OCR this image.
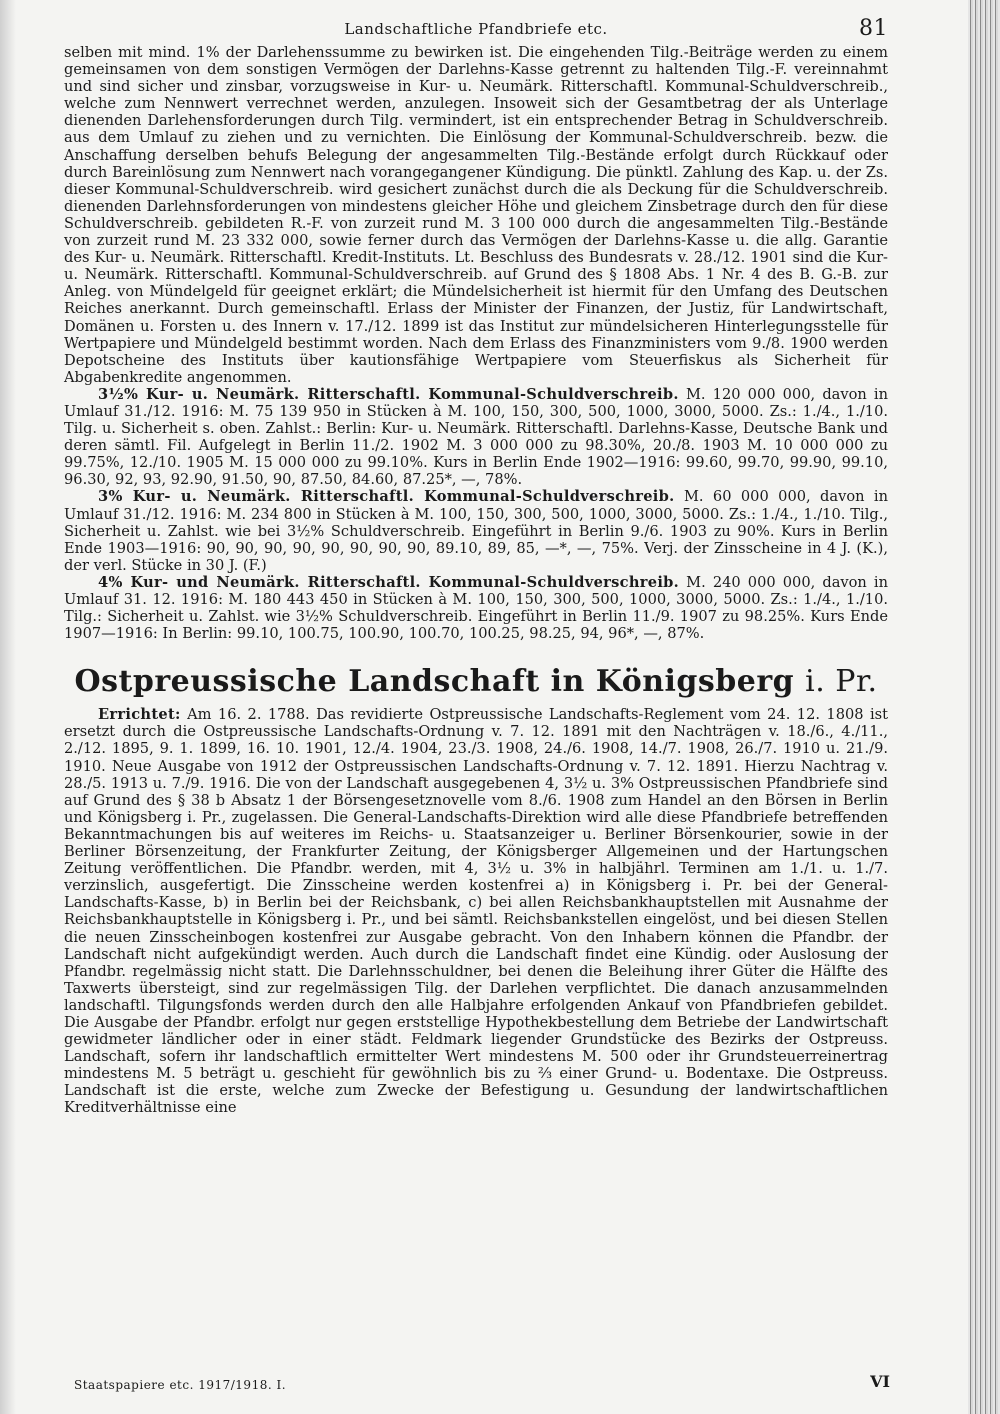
Landschaftliche Pfandbriefe etc.	81

selben mit mind. 1% der Darlehenssumme zu bewirken ist. Die eingehenden Tilg.-Beiträge werden zu einem gemeinsamen von dem sonstigen Vermögen der Darlehns-Kasse getrennt zu haltenden Tilg.-F. vereinnahmt und sind sicher und zinsbar, vorzugsweise in Kur- u. Neumärk. Ritterschaftl. Kommunal-Schuldverschreib., welche zum Nennwert verrechnet werden, anzulegen. Insoweit sich der Gesamtbetrag der als Unterlage dienenden Darlehensforderungen durch Tilg. vermindert, ist ein entsprechender Betrag in Schuldverschreib. aus dem Umlauf zu ziehen und zu vernichten. Die Einlösung der Kommunal-Schuldverschreib. bezw. die Anschaffung derselben behufs Belegung der angesammelten Tilg.-Bestände erfolgt durch Rückkauf oder durch Bareinlösung zum Nennwert nach vorangegangener Kündigung. Die pünktl. Zahlung des Kap. u. der Zs. dieser Kommunal-Schuldverschreib. wird gesichert zunächst durch die als Deckung für die Schuldverschreib. dienenden Darlehnsforderungen von mindestens gleicher Höhe und gleichem Zinsbetrage durch den für diese Schuldverschreib. gebildeten R.-F. von zurzeit rund M. 3 100 000 durch die angesammelten Tilg.-Bestände von zurzeit rund M. 23 332 000, sowie ferner durch das Vermögen der Darlehns-Kasse u. die allg. Garantie des Kur- u. Neumärk. Ritterschaftl. Kredit-Instituts. Lt. Beschluss des Bundesrats v. 28./12. 1901 sind die Kur- u. Neumärk. Ritterschaftl. Kommunal-Schuldverschreib. auf Grund des § 1808 Abs. 1 Nr. 4 des B. G.-B. zur Anleg. von Mündelgeld für geeignet erklärt; die Mündelsicherheit ist hiermit für den Umfang des Deutschen Reiches anerkannt. Durch gemeinschaftl. Erlass der Minister der Finanzen, der Justiz, für Landwirtschaft, Domänen u. Forsten u. des Innern v. 17./12. 1899 ist das Institut zur mündelsicheren Hinterlegungsstelle für Wertpapiere und Mündelgeld bestimmt worden. Nach dem Erlass des Finanzministers vom 9./8. 1900 werden Depotscheine des Instituts über kautionsfähige Wertpapiere vom Steuerfiskus als Sicherheit für Abgabenkredite angenommen.

3½% Kur- u. Neumärk. Ritterschaftl. Kommunal-Schuldverschreib. M. 120 000 000, davon in Umlauf 31./12. 1916: M. 75 139 950 in Stücken à M. 100, 150, 300, 500, 1000, 3000, 5000. Zs.: 1./4., 1./10. Tilg. u. Sicherheit s. oben. Zahlst.: Berlin: Kur- u. Neumärk. Ritterschaftl. Darlehns-Kasse, Deutsche Bank und deren sämtl. Fil. Aufgelegt in Berlin 11./2. 1902 M. 3 000 000 zu 98.30%, 20./8. 1903 M. 10 000 000 zu 99.75%, 12./10. 1905 M. 15 000 000 zu 99.10%. Kurs in Berlin Ende 1902—1916: 99.60, 99.70, 99.90, 99.10, 96.30, 92, 93, 92.90, 91.50, 90, 87.50, 84.60, 87.25*, —, 78%.

3% Kur- u. Neumärk. Ritterschaftl. Kommunal-Schuldverschreib. M. 60 000 000, davon in Umlauf 31./12. 1916: M. 234 800 in Stücken à M. 100, 150, 300, 500, 1000, 3000, 5000. Zs.: 1./4., 1./10. Tilg., Sicherheit u. Zahlst. wie bei 3½% Schuldverschreib. Eingeführt in Berlin 9./6. 1903 zu 90%. Kurs in Berlin Ende 1903—1916: 90, 90, 90, 90, 90, 90, 90, 90, 89.10, 89, 85, —*, —, 75%. Verj. der Zinsscheine in 4 J. (K.), der verl. Stücke in 30 J. (F.)

4% Kur- und Neumärk. Ritterschaftl. Kommunal-Schuldverschreib. M. 240 000 000, davon in Umlauf 31. 12. 1916: M. 180 443 450 in Stücken à M. 100, 150, 300, 500, 1000, 3000, 5000. Zs.: 1./4., 1./10. Tilg.: Sicherheit u. Zahlst. wie 3½% Schuldverschreib. Eingeführt in Berlin 11./9. 1907 zu 98.25%. Kurs Ende 1907—1916: In Berlin: 99.10, 100.75, 100.90, 100.70, 100.25, 98.25, 94, 96*, —, 87%.

Ostpreussische Landschaft in Königsberg i. Pr.

Errichtet: Am 16. 2. 1788. Das revidierte Ostpreussische Landschafts-Reglement vom 24. 12. 1808 ist ersetzt durch die Ostpreussische Landschafts-Ordnung v. 7. 12. 1891 mit den Nachträgen v. 18./6., 4./11., 2./12. 1895, 9. 1. 1899, 16. 10. 1901, 12./4. 1904, 23./3. 1908, 24./6. 1908, 14./7. 1908, 26./7. 1910 u. 21./9. 1910. Neue Ausgabe von 1912 der Ostpreussischen Landschafts-Ordnung v. 7. 12. 1891. Hierzu Nachtrag v. 28./5. 1913 u. 7./9. 1916. Die von der Landschaft ausgegebenen 4, 3½ u. 3% Ostpreussischen Pfandbriefe sind auf Grund des § 38 b Absatz 1 der Börsengesetznovelle vom 8./6. 1908 zum Handel an den Börsen in Berlin und Königsberg i. Pr., zugelassen. Die General-Landschafts-Direktion wird alle diese Pfandbriefe betreffenden Bekanntmachungen bis auf weiteres im Reichs- u. Staatsanzeiger u. Berliner Börsenkourier, sowie in der Berliner Börsenzeitung, der Frankfurter Zeitung, der Königsberger Allgemeinen und der Hartungschen Zeitung veröffentlichen. Die Pfandbr. werden, mit 4, 3½ u. 3% in halbjährl. Terminen am 1./1. u. 1./7. verzinslich, ausgefertigt. Die Zinsscheine werden kostenfrei a) in Königsberg i. Pr. bei der General-Landschafts-Kasse, b) in Berlin bei der Reichsbank, c) bei allen Reichsbankhauptstellen mit Ausnahme der Reichsbankhauptstelle in Königsberg i. Pr., und bei sämtl. Reichsbankstellen eingelöst, und bei diesen Stellen die neuen Zinsscheinbogen kostenfrei zur Ausgabe gebracht. Von den Inhabern können die Pfandbr. der Landschaft nicht aufgekündigt werden. Auch durch die Landschaft findet eine Kündig. oder Auslosung der Pfandbr. regelmässig nicht statt. Die Darlehnsschuldner, bei denen die Beleihung ihrer Güter die Hälfte des Taxwerts übersteigt, sind zur regelmässigen Tilg. der Darlehen verpflichtet. Die danach anzusammelnden landschaftl. Tilgungsfonds werden durch den alle Halbjahre erfolgenden Ankauf von Pfandbriefen gebildet. Die Ausgabe der Pfandbr. erfolgt nur gegen erststellige Hypothekbestellung dem Betriebe der Landwirtschaft gewidmeter ländlicher oder in einer städt. Feldmark liegender Grundstücke des Bezirks der Ostpreuss. Landschaft, sofern ihr landschaftlich ermittelter Wert mindestens M. 500 oder ihr Grundsteuerreinertrag mindestens M. 5 beträgt u. geschieht für gewöhnlich bis zu ⅔ einer Grund- u. Bodentaxe. Die Ostpreuss. Landschaft ist die erste, welche zum Zwecke der Befestigung u. Gesundung der landwirtschaftlichen Kreditverhältnisse eine

Staatspapiere etc. 1917/1918. I.	VI
